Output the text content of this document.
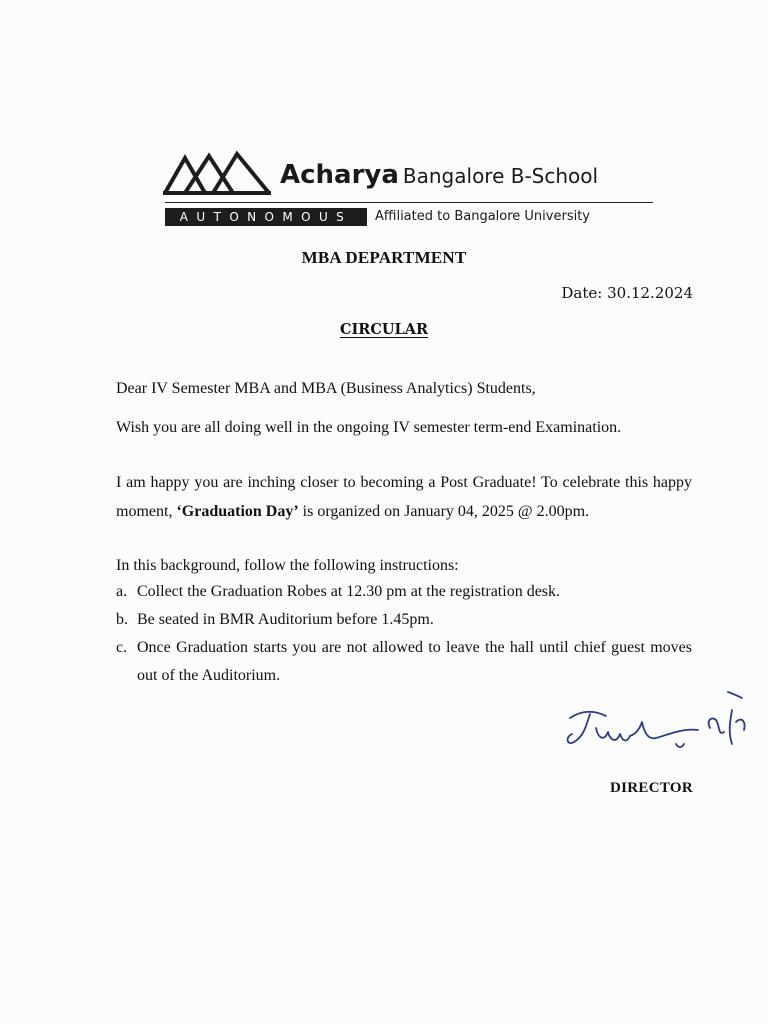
Acharya Bangalore B-School
AUTONOMOUS	Affiliated to Bangalore University
MBA DEPARTMENT
Date: 30.12.2024
CIRCULAR
Dear IV Semester MBA and MBA (Business Analytics) Students,
Wish you are all doing well in the ongoing IV semester term-end Examination.
I am happy you are inching closer to becoming a Post Graduate! To celebrate this happy moment, ‘Graduation Day’ is organized on January 04, 2025 @ 2.00pm.
In this background, follow the following instructions:
a. Collect the Graduation Robes at 12.30 pm at the registration desk.
b. Be seated in BMR Auditorium before 1.45pm.
c. Once Graduation starts you are not allowed to leave the hall until chief guest moves out of the Auditorium.
DIRECTOR
